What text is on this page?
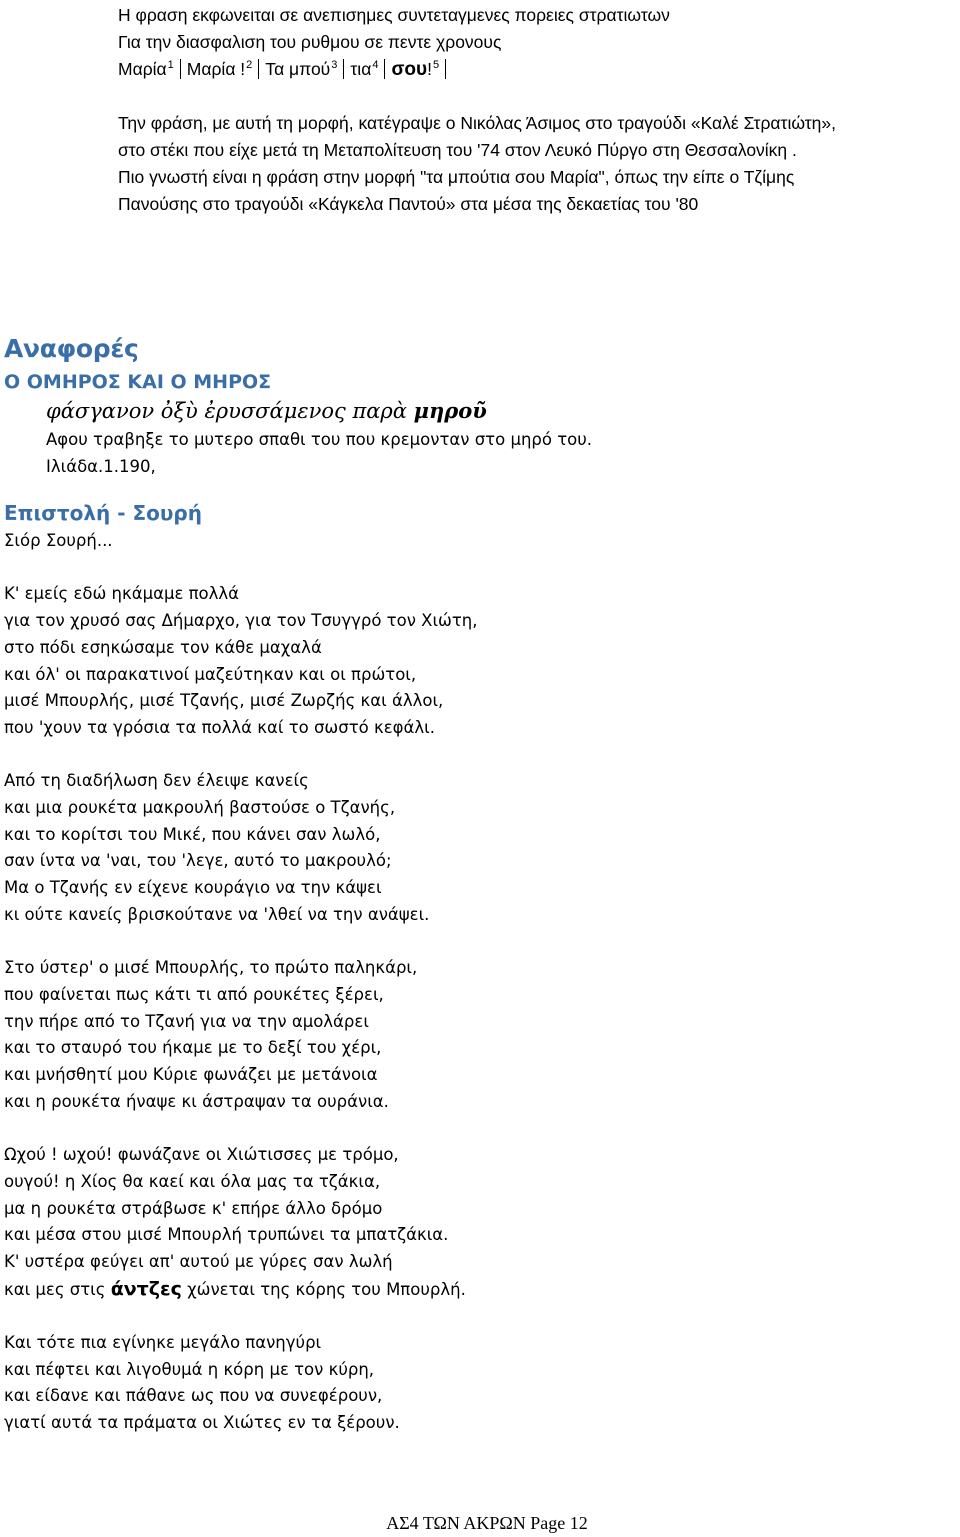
Η φραση εκφωνειται σε ανεπισημες συντεταγμενες πορειες στρατιωτων

Για την διασφαλιση του ρυθμου σε πεντε χρονους

Μαρία$^1$ Μαρία !$^2$ Τα μπού$^3$ τια$^4$ σου!$^5$

Την φράση, με αυτή τη μορφή, κατέγραψε ο Νικόλας Άσιμος στο τραγούδι «Καλέ Στρατιώτη»,

στο στέκι που είχε μετά τη Μεταπολίτευση του '74 στον Λευκό Πύργο στη Θεσσαλονίκη .

Πιο γνωστή είναι η φράση στην μορφή "τα μπούτια σου Μαρία", όπως την είπε ο Τζίμης

Πανούσης στο τραγούδι «Κάγκελα Παντού» στα μέσα της δεκαετίας του '80

Αναφορές
Ο ΟΜΗΡΟΣ ΚΑΙ Ο ΜΗΡΟΣ

φάσγανον ὀξὺ ἐρυσσάμενος παρὰ μηροῦ

Αφου τραβηξε το μυτερο σπαθι του που κρεμονταν στο μηρό του.

Ιλιάδα.1.190,

Επιστολή - Σουρή

Σιόρ Σουρή...

Κ' εμείς εδώ ηκάμαμε πολλά

για τον χρυσό σας Δήμαρχο, για τον Τσυγγρό τον Χιώτη,

στο πόδι εσηκώσαμε τον κάθε μαχαλά

και όλ' οι παρακατινοί μαζεύτηκαν και οι πρώτοι,

μισέ Μπουρλής, μισέ Τζανής, μισέ Ζωρζής και άλλοι,

που 'χουν τα γρόσια τα πολλά καί το σωστό κεφάλι.

Από τη διαδήλωση δεν έλειψε κανείς

και μια ρουκέτα μακρουλή βαστούσε ο Τζανής,

και το κορίτσι του Μικέ, που κάνει σαν λωλό,

σαν ίντα να 'ναι, του 'λεγε, αυτό το μακρουλό;

Μα ο Τζανής εν είχενε κουράγιο να την κάψει

κι ούτε κανείς βρισκούτανε να 'λθεί να την ανάψει.

Στο ύστερ' ο μισέ Μπουρλής, το πρώτο παληκάρι,

που φαίνεται πως κάτι τι από ρουκέτες ξέρει,

την πήρε από το Τζανή για να την αμολάρει

και το σταυρό του ήκαμε με το δεξί του χέρι,

και μνήσθητί μου Κύριε φωνάζει με μετάνοια

και η ρουκέτα ήναψε κι άστραψαν τα ουράνια.

Ωχού ! ωχού! φωνάζανε οι Χιώτισσες με τρόμο,

ουγού! η Χίος θα καεί και όλα μας τα τζάκια,

μα η ρουκέτα στράβωσε κ' επήρε άλλο δρόμο

και μέσα στου μισέ Μπουρλή τρυπώνει τα μπατζάκια.

Κ' υστέρα φεύγει απ' αυτού με γύρες σαν λωλή

και μες στις άντζες χώνεται της κόρης του Μπουρλή.

Και τότε πια εγίνηκε μεγάλο πανηγύρι

και πέφτει και λιγοθυμά η κόρη με τον κύρη,

και είδανε και πάθανε ως που να συνεφέρουν,

γιατί αυτά τα πράματα οι Χιώτες εν τα ξέρουν.

ΑΣ4 ΤΩΝ ΑΚΡΩΝ Page 12
